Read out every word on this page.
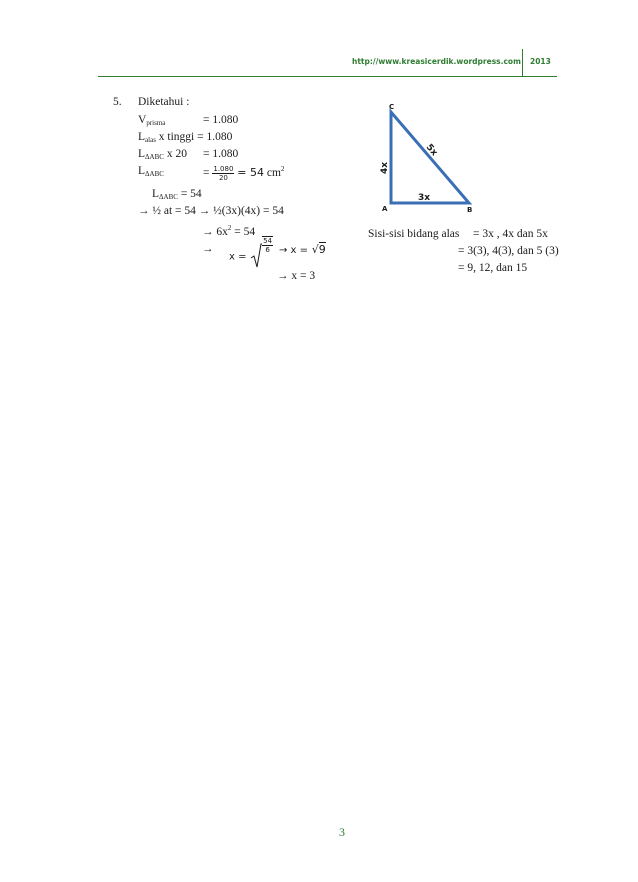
http://www.kreasicerdik.wordpress.com 2013
5. Diketahui :
$V_{prisma}$	= 1.080
$L_{alas}$ x tinggi = 1.080
$L_{\Delta ABC}$ x 20 = 1.080
$L_{\Delta ABC}$	= $\frac{1.080}{20} = 54$ $cm^2$
$L_{\Delta ABC} = 54$
→ ½ at = 54 → ½(3x)(4x) = 54
→ $6x^2 = 54$
→
x =
$\frac{54}{6} \to x = √9$
→ x = 3
C
A	B
3x
4x
5x
Sisi-sisi bidang alas = 3x , 4x dan 5x
= 3(3), 4(3), dan 5 (3)
= 9, 12, dan 15
3
